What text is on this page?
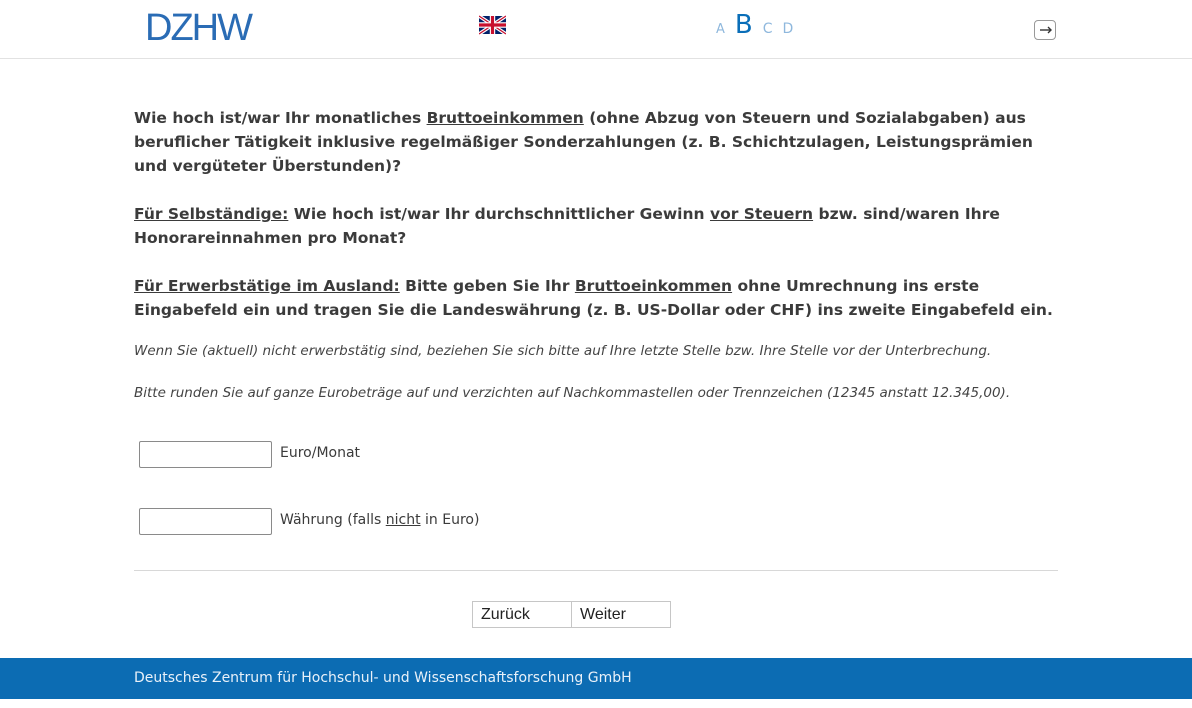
DZHW	A B C D

Wie hoch ist/war Ihr monatliches Bruttoeinkommen (ohne Abzug von Steuern und Sozialabgaben) aus beruflicher Tätigkeit inklusive regelmäßiger Sonderzahlungen (z. B. Schichtzulagen, Leistungsprämien und vergüteter Überstunden)?

Für Selbständige: Wie hoch ist/war Ihr durchschnittlicher Gewinn vor Steuern bzw. sind/waren Ihre Honorareinnahmen pro Monat?

Für Erwerbstätige im Ausland: Bitte geben Sie Ihr Bruttoeinkommen ohne Umrechnung ins erste Eingabefeld ein und tragen Sie die Landeswährung (z. B. US-Dollar oder CHF) ins zweite Eingabefeld ein.

Wenn Sie (aktuell) nicht erwerbstätig sind, beziehen Sie sich bitte auf Ihre letzte Stelle bzw. Ihre Stelle vor der Unterbrechung.

Bitte runden Sie auf ganze Eurobeträge auf und verzichten auf Nachkommastellen oder Trennzeichen (12345 anstatt 12.345,00).

Euro/Monat
Währung (falls nicht in Euro)
Zurück	Weiter
Deutsches Zentrum für Hochschul- und Wissenschaftsforschung GmbH
